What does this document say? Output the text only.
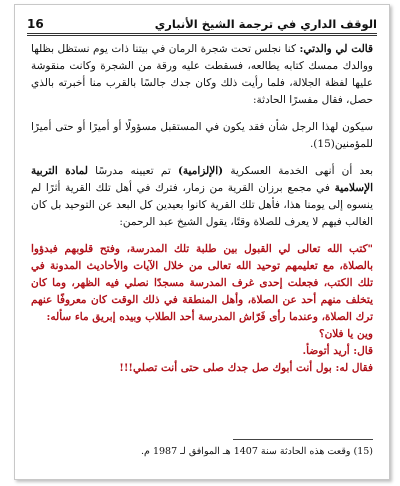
الوقف الداري في ترجمة الشيخ الأنباري
16

قالت لي والدتي: كنا نجلس تحت شجرة الرمان في بيتنا ذات يوم نستظل بظلها ووالدك ممسك كتابه يطالعه، فسقطت عليه ورقة من الشجرة وكانت منقوشة عليها لفظة الجلالة، فلما رأيت ذلك وكان جدك جالسًا بالقرب منا أخبرته بالذي حصل، فقال مفسرًا الحادثة:

سيكون لهذا الرجل شأن فقد يكون في المستقبل مسؤولًا أو أميرًا أو حتى أميرًا للمؤمنين(15).

بعد أن أنهى الخدمة العسكرية (الإلزامية) تم تعيينه مدرسًا لمادة التربية الإسلامية في مجمع برزان القرية من زمار، فترك في أهل تلك القرية أثرًا لم ينسوه إلى يومنا هذا، فأهل تلك القرية كانوا بعيدين كل البعد عن التوحيد بل كان الغالب فيهم لا يعرف للصلاة وقتًا، يقول الشيخ عبد الرحمن:

"كتب الله تعالى لي القبول بين طلبة تلك المدرسة، وفتح قلوبهم فبدؤوا بالصلاة، مع تعليمهم توحيد الله تعالى من خلال الآيات والأحاديث المدونة في تلك الكتب، فجعلت إحدى غرف المدرسة مسجدًا نصلي فيه الظهر، وما كان يتخلف منهم أحد عن الصلاة، وأهل المنطقة في ذلك الوقت كان معروفًا عنهم ترك الصلاة، وعندما رأى فَرّاش المدرسة أحد الطلاب وبيده إبريق ماء سأله:

وين يا فلان؟

قال: أريد أتوضأ.

فقال له: بول أنت أبوك صل جدك صلى حتى أنت تصلي!!!

(15) وقعت هذه الحادثة سنة 1407 هـ الموافق لـ 1987 م.
